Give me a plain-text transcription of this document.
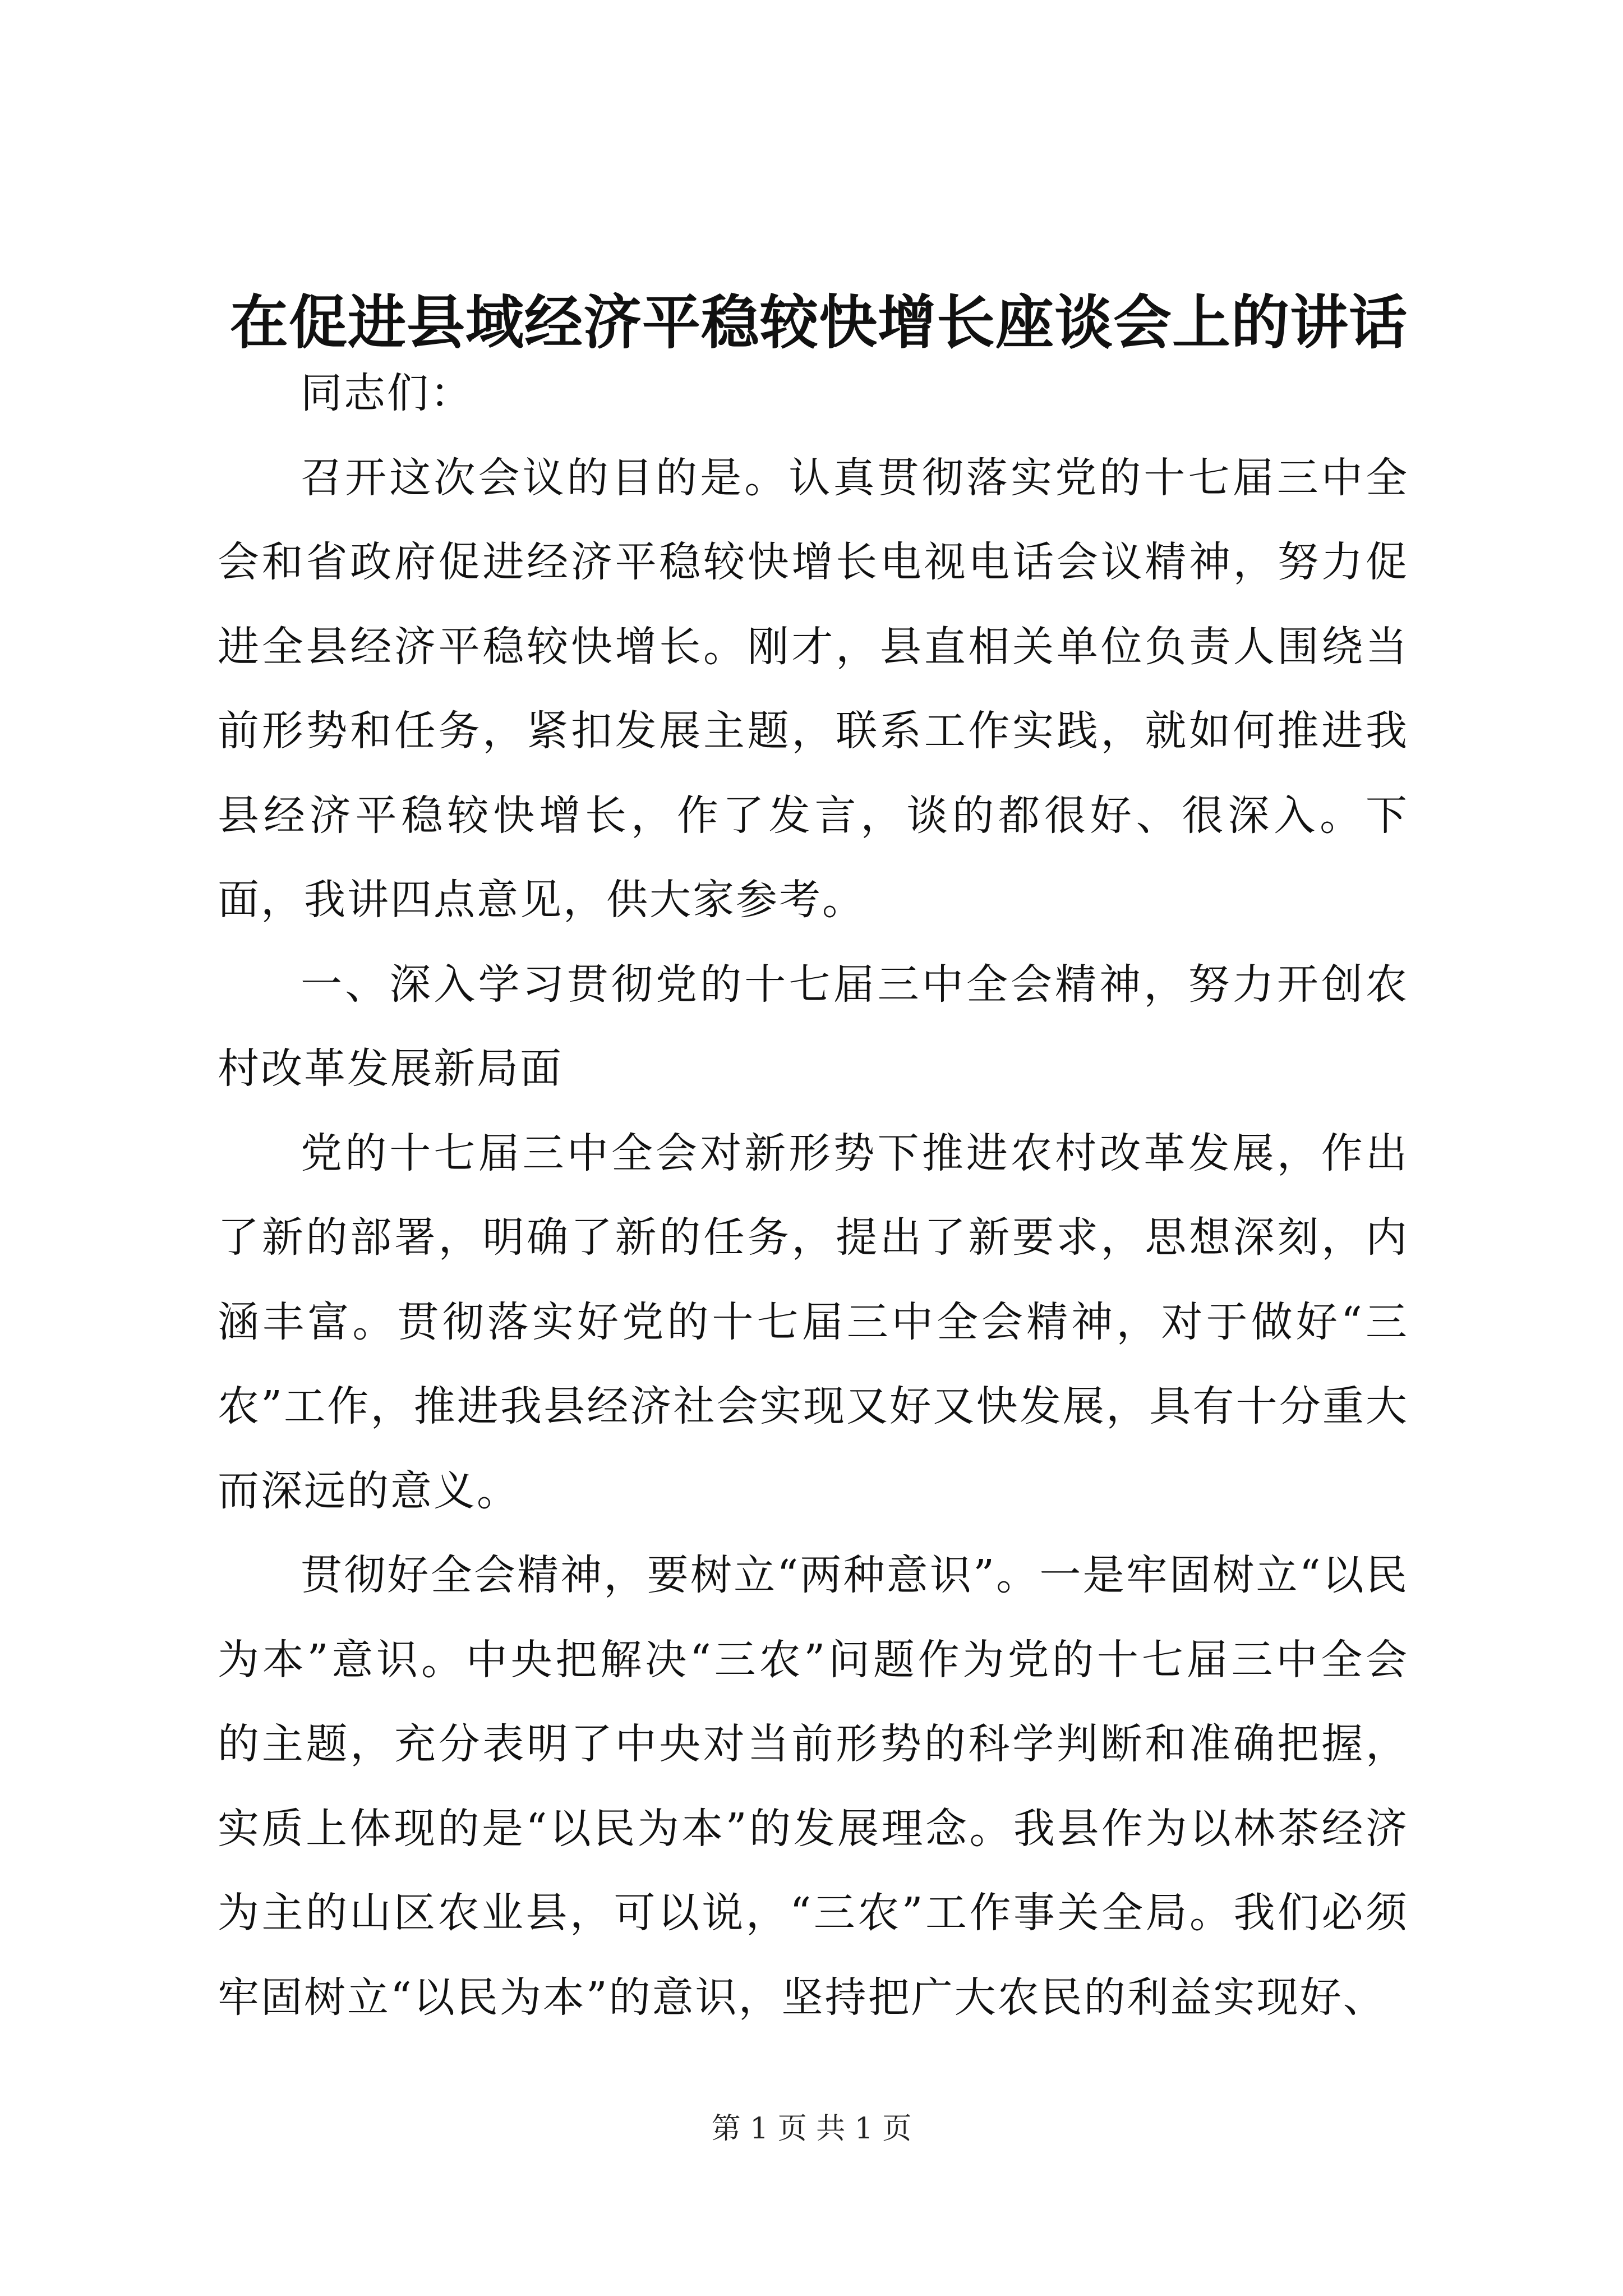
在促进县域经济平稳较快增长座谈会上的讲话

同志们：

召开这次会议的目的是。认真贯彻落实党的十七届三中全会和省政府促进经济平稳较快增长电视电话会议精神，努力促进全县经济平稳较快增长。刚才，县直相关单位负责人围绕当前形势和任务，紧扣发展主题，联系工作实践，就如何推进我县经济平稳较快增长，作了发言，谈的都很好、很深入。下面，我讲四点意见，供大家参考。

一、深入学习贯彻党的十七届三中全会精神，努力开创农村改革发展新局面

党的十七届三中全会对新形势下推进农村改革发展，作出了新的部署，明确了新的任务，提出了新要求，思想深刻，内涵丰富。贯彻落实好党的十七届三中全会精神，对于做好“三农”工作，推进我县经济社会实现又好又快发展，具有十分重大而深远的意义。

贯彻好全会精神，要树立“两种意识”。一是牢固树立“以民为本”意识。中央把解决“三农”问题作为党的十七届三中全会的主题，充分表明了中央对当前形势的科学判断和准确把握，实质上体现的是“以民为本”的发展理念。我县作为以林茶经济为主的山区农业县，可以说，“三农”工作事关全局。我们必须牢固树立“以民为本”的意识，坚持把广大农民的利益实现好、

第 1 页 共 1 页
